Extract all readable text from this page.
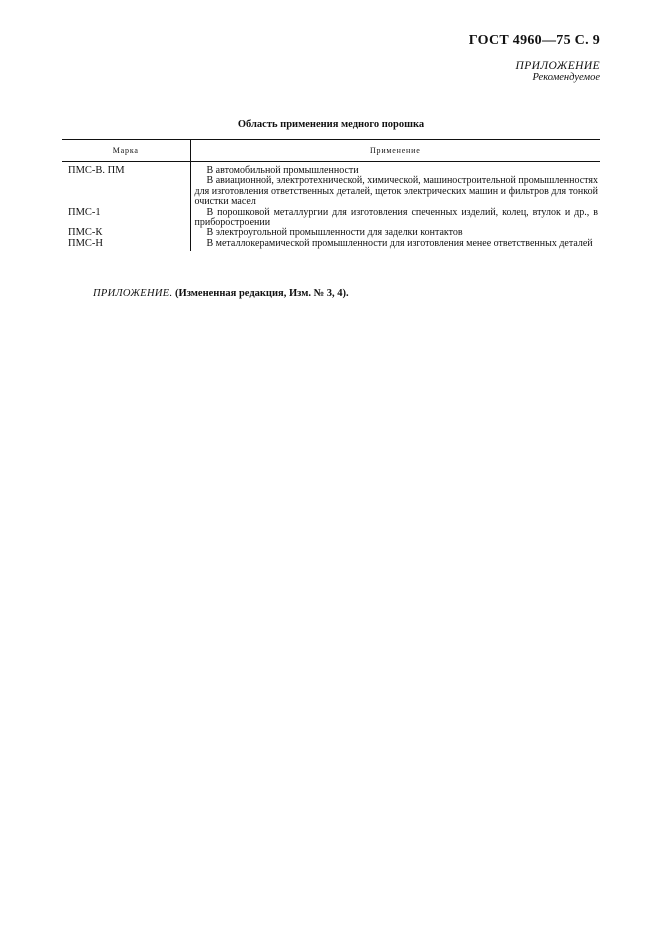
ГОСТ 4960—75 С. 9
ПРИЛОЖЕНИЕ
Рекомендуемое
Область применения медного порошка
Марка	Применение
ПМС-В. ПМ	В автомобильной промышленности
	В авиационной, электротехнической, химической, машиностроительной промышленностях для изготовления ответственных деталей, щеток электрических машин и фильтров для тонкой очистки масел
ПМС-1	В порошковой металлургии для изготовления спеченных изделий, колец, втулок и др., в приборостроении
ПМС-К	В электроугольной промышленности для заделки контактов
ПМС-Н	В металлокерамической промышленности для изготовления менее ответственных деталей
ПРИЛОЖЕНИЕ. (Измененная редакция, Изм. № 3, 4).
